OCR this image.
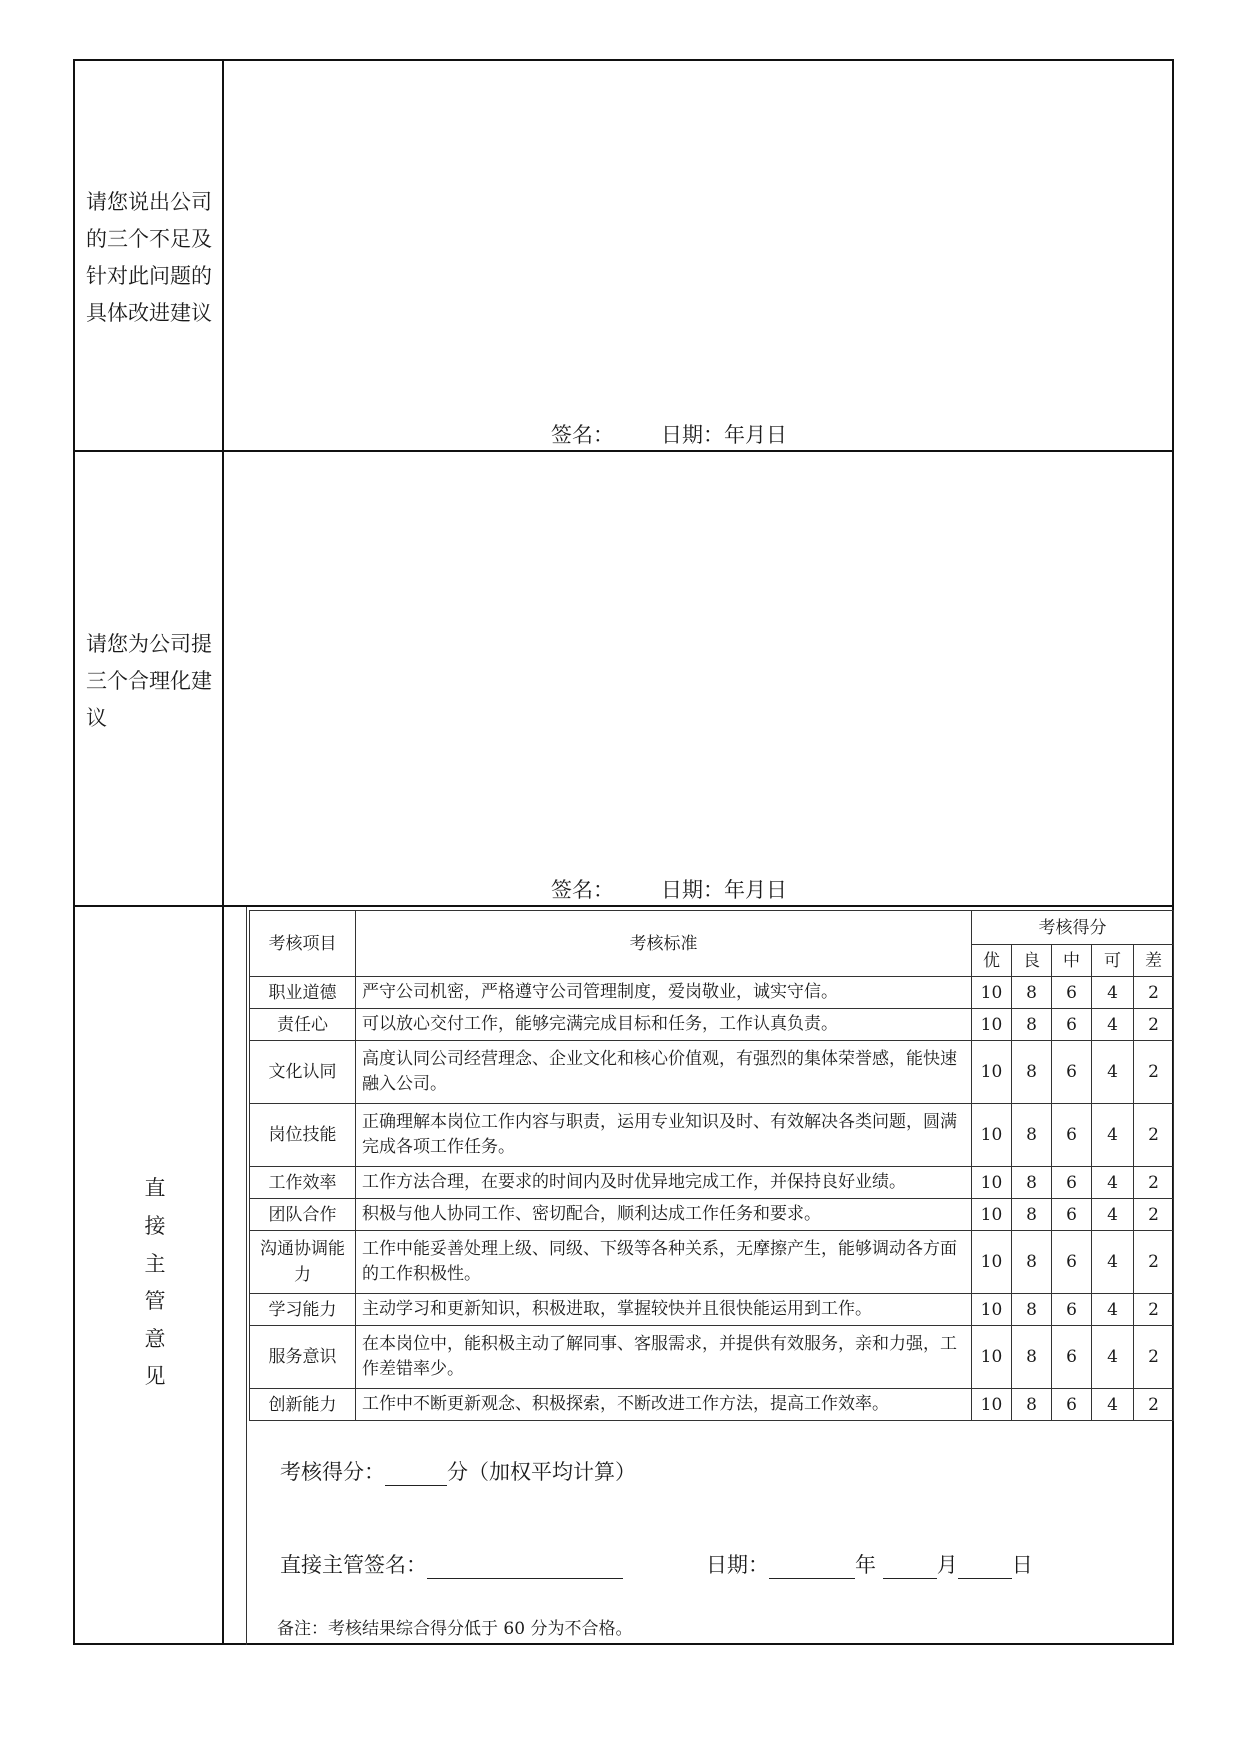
请您说出公司的三个不足及针对此问题的具体改进建议
签名： 日期：年月日
请您为公司提三个合理化建议
签名： 日期：年月日
直
接
主
管
意
见
考核项目	考核标准	考核得分				
		优	良	中	可	差
职业道德	严守公司机密，严格遵守公司管理制度，爱岗敬业，诚实守信。	10	8	6	4	2
责任心	可以放心交付工作，能够完满完成目标和任务，工作认真负责。	10	8	6	4	2
文化认同	高度认同公司经营理念、企业文化和核心价值观，有强烈的集体荣誉感，能快速融入公司。	10	8	6	4	2
岗位技能	正确理解本岗位工作内容与职责，运用专业知识及时、有效解决各类问题，圆满完成各项工作任务。	10	8	6	4	2
工作效率	工作方法合理，在要求的时间内及时优异地完成工作，并保持良好业绩。	10	8	6	4	2
团队合作	积极与他人协同工作、密切配合，顺利达成工作任务和要求。	10	8	6	4	2
沟通协调能力	工作中能妥善处理上级、同级、下级等各种关系，无摩擦产生，能够调动各方面的工作积极性。	10	8	6	4	2
学习能力	主动学习和更新知识，积极进取，掌握较快并且很快能运用到工作。	10	8	6	4	2
服务意识	在本岗位中，能积极主动了解同事、客服需求，并提供有效服务，亲和力强，工作差错率少。	10	8	6	4	2
创新能力	工作中不断更新观念、积极探索，不断改进工作方法，提高工作效率。	10	8	6	4	2
考核得分：	分（加权平均计算）
直接主管签名：	日期：	年	月	日
备注：考核结果综合得分低于 60 分为不合格。
